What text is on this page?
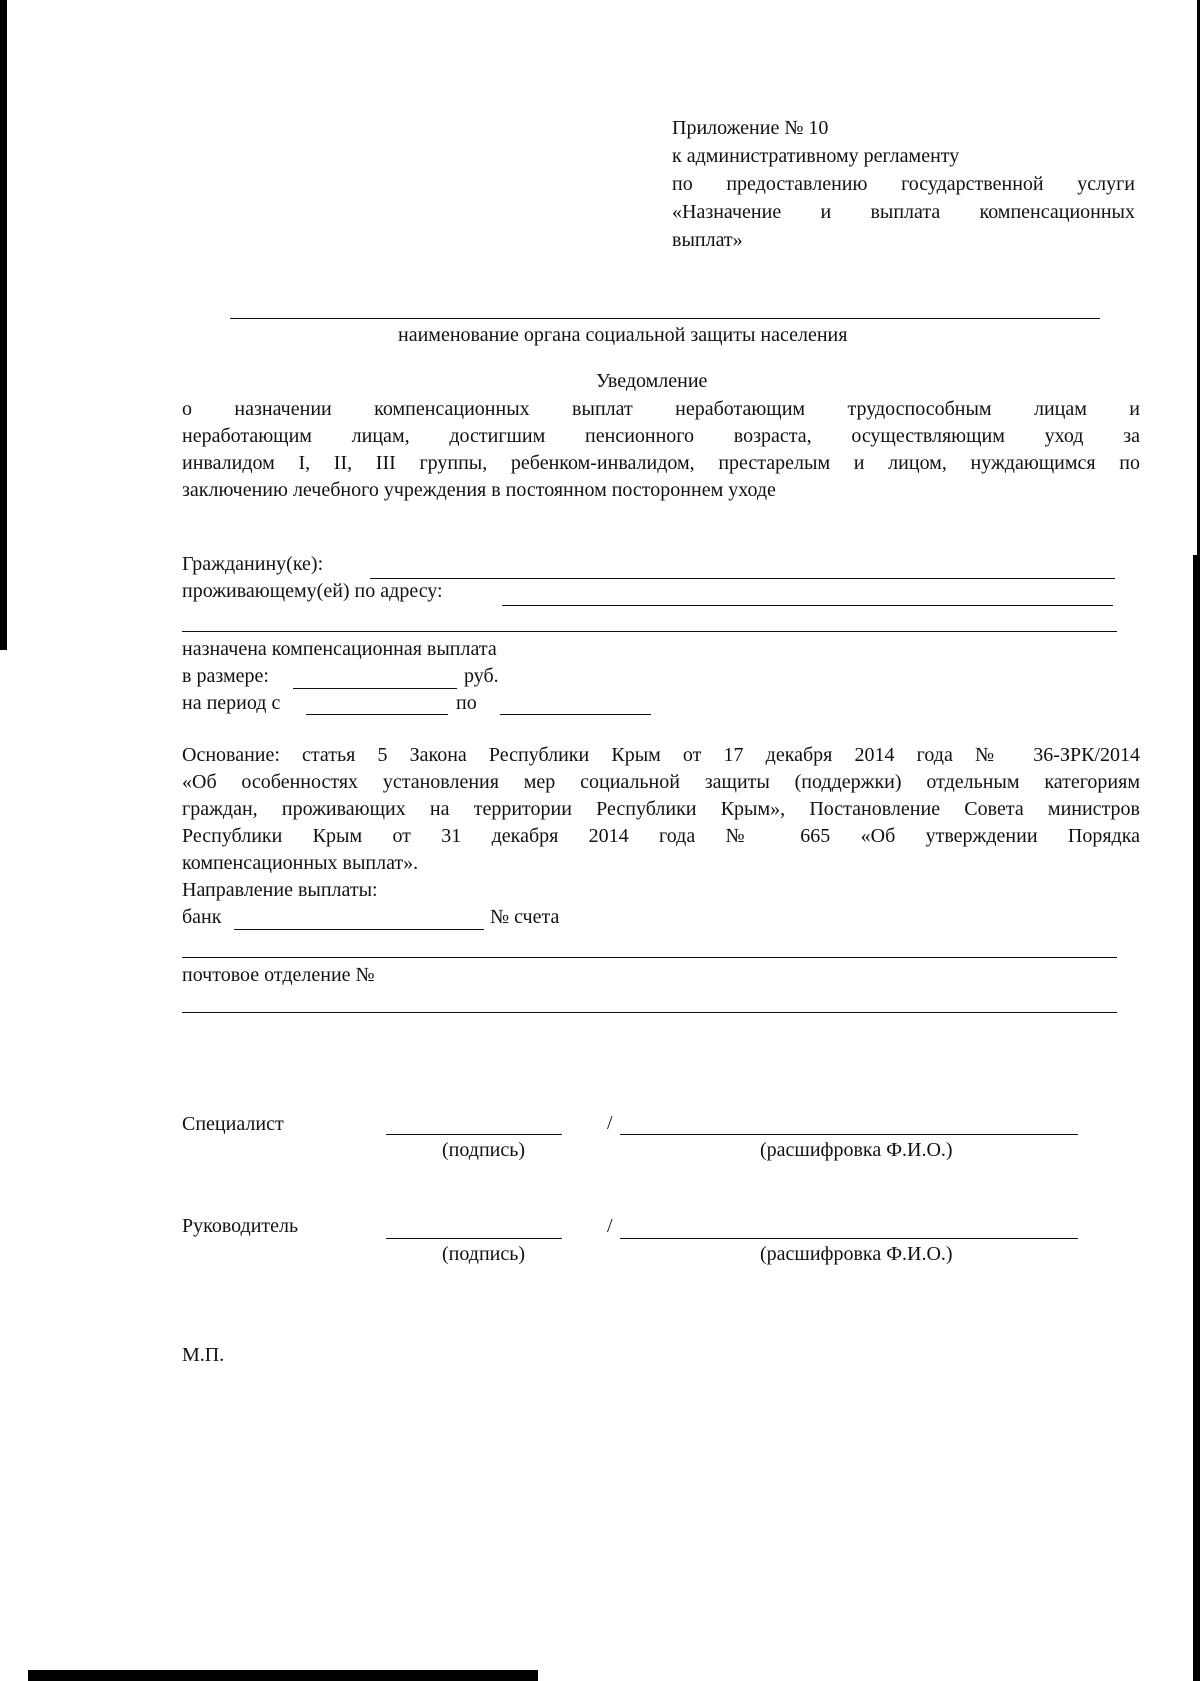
Приложение № 10
к административному регламенту
по предоставлению государственной услуги
«Назначение и выплата компенсационных
выплат»
наименование органа социальной защиты населения
Уведомление
о назначении компенсационных выплат неработающим трудоспособным лицам и
неработающим лицам, достигшим пенсионного возраста, осуществляющим уход за
инвалидом I, II, III группы, ребенком-инвалидом, престарелым и лицом, нуждающимся по
заключению лечебного учреждения в постоянном постороннем уходе
Гражданину(ке):
проживающему(ей) по адресу:
назначена компенсационная выплата
в размере:	руб.
на период с	по
Основание: статья 5 Закона Республики Крым от 17 декабря 2014 года № 36-ЗРК/2014
«Об особенностях установления мер социальной защиты (поддержки) отдельным категориям
граждан, проживающих на территории Республики Крым», Постановление Совета министров
Республики Крым от 31 декабря 2014 года № 665 «Об утверждении Порядка
компенсационных выплат».
Направление выплаты:
банк	№ счета
почтовое отделение №
Специалист	/
(подпись)	(расшифровка Ф.И.О.)
Руководитель	/
(подпись)	(расшифровка Ф.И.О.)
М.П.
